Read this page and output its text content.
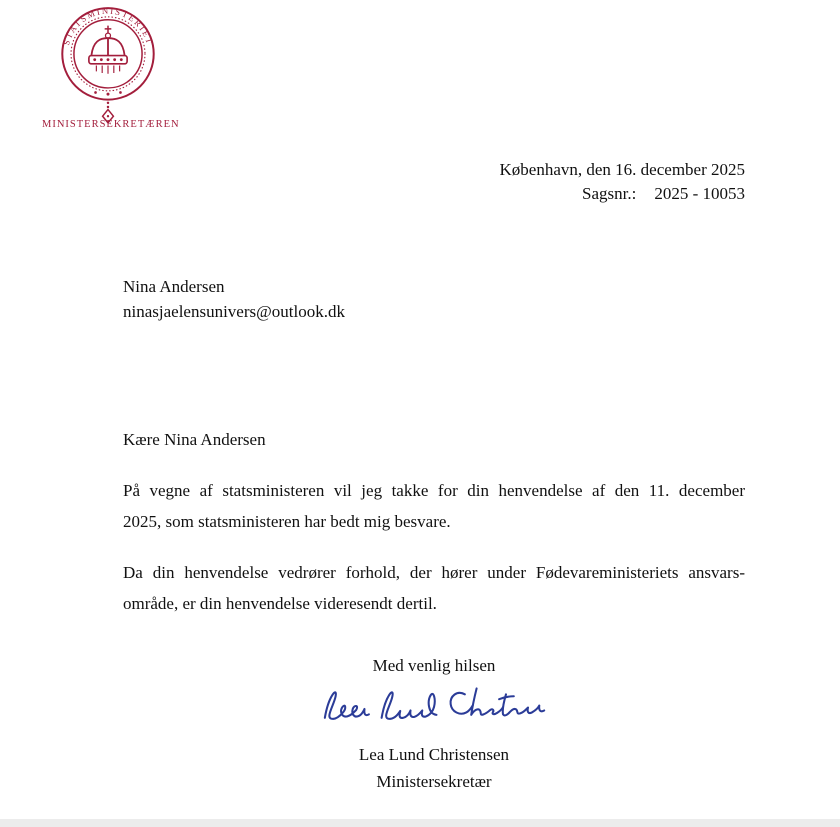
STATSMINISTERIET
MINISTERSEKRETÆREN
København, den 16. december 2025
Sagsnr.: 2025 - 10053
Nina Andersen
ninasjaelensunivers@outlook.dk
Kære Nina Andersen

På vegne af statsministeren vil jeg takke for din henvendelse af den 11. december
2025, som statsministeren har bedt mig besvare.

Da din henvendelse vedrører forhold, der hører under Fødevareministeriets ansvars-
område, er din henvendelse videresendt dertil.

Med venlig hilsen
Lea Lund Christensen
Ministersekretær
